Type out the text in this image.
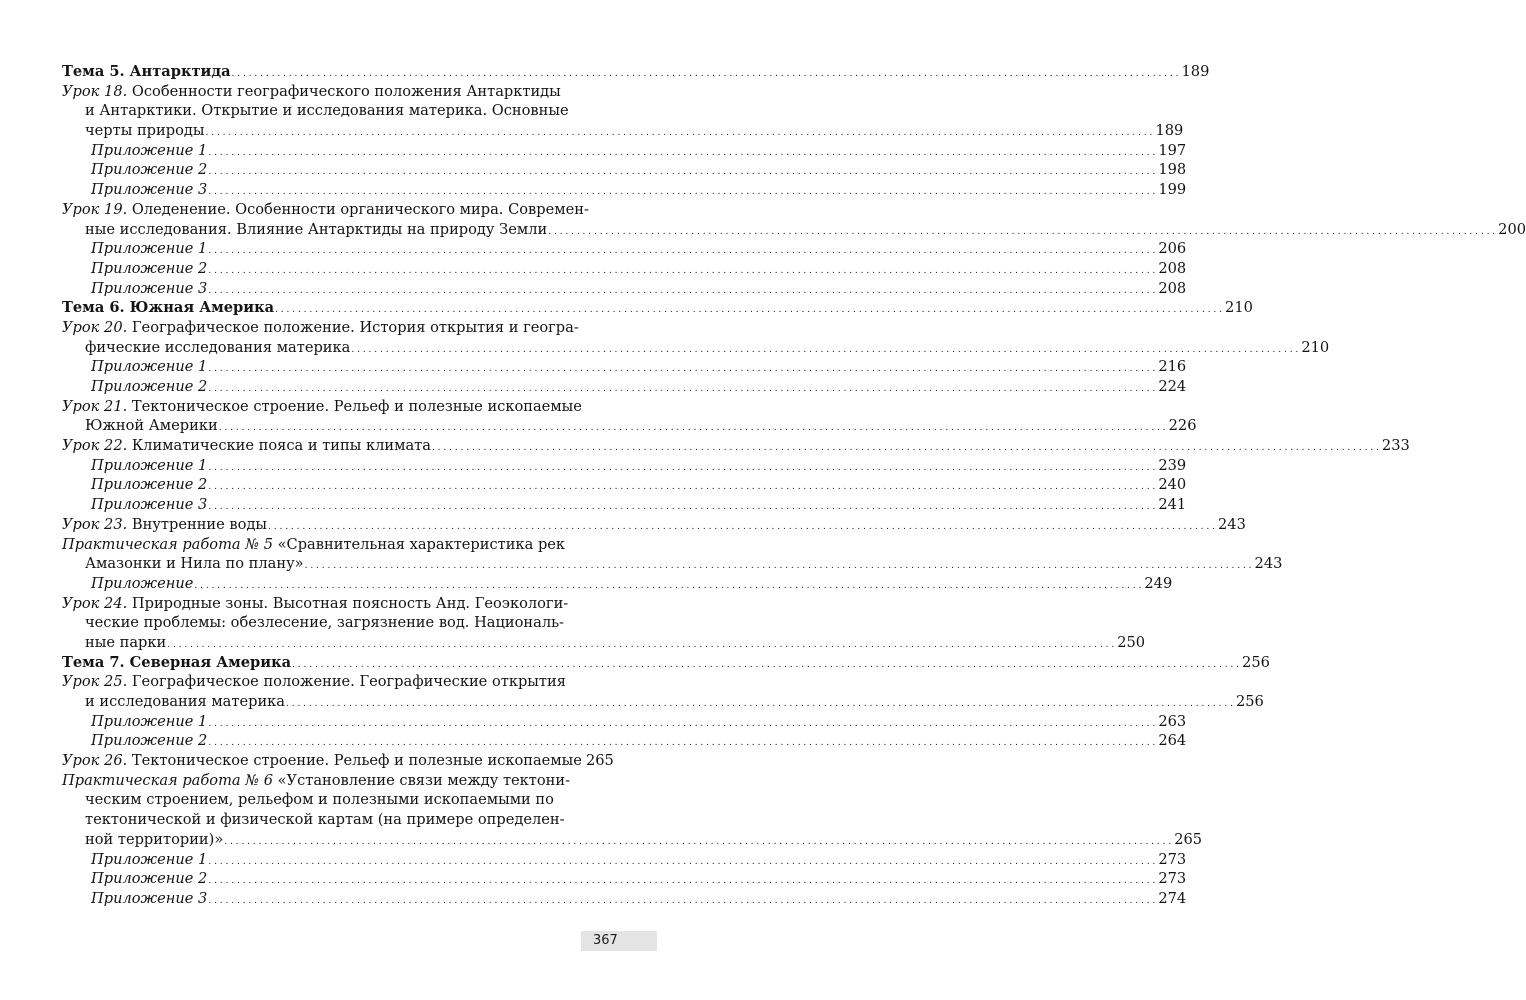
Тема 5. Антарктида . . .	189
Урок 18. Особенности географического положения Антарктиды
и Антарктики. Открытие и исследования материка. Основные
черты природы . . .	189
Приложение 1 . . .	197
Приложение 2 . . .	198
Приложение 3 . . .	199
Урок 19. Оледенение. Особенности органического мира. Современ-
ные исследования. Влияние Антарктиды на природу Земли . . .	200
Приложение 1 . . .	206
Приложение 2 . . .	208
Приложение 3 . . .	208
Тема 6. Южная Америка . . .	210
Урок 20. Географическое положение. История открытия и геогра-
фические исследования материка . . .	210
Приложение 1 . . .	216
Приложение 2 . . .	224
Урок 21. Тектоническое строение. Рельеф и полезные ископаемые
Южной Америки . . .	226
Урок 22. Климатические пояса и типы климата . . .	233
Приложение 1 . . .	239
Приложение 2 . . .	240
Приложение 3 . . .	241
Урок 23. Внутренние воды . . .	243
Практическая работа № 5 «Сравнительная характеристика рек
Амазонки и Нила по плану» . . .	243
Приложение . . .	249
Урок 24. Природные зоны. Высотная поясность Анд. Геоэкологи-
ческие проблемы: обезлесение, загрязнение вод. Националь-
ные парки . . .	250
Тема 7. Северная Америка . . .	256
Урок 25. Географическое положение. Географические открытия
и исследования материка . . .	256
Приложение 1 . . .	263
Приложение 2 . . .	264
Урок 26. Тектоническое строение. Рельеф и полезные ископаемые 265
Практическая работа № 6 «Установление связи между тектони-
ческим строением, рельефом и полезными ископаемыми по
тектонической и физической картам (на примере определен-
ной территории)» . . .	265
Приложение 1 . . .	273
Приложение 2 . . .	273
Приложение 3 . . .	274
367
